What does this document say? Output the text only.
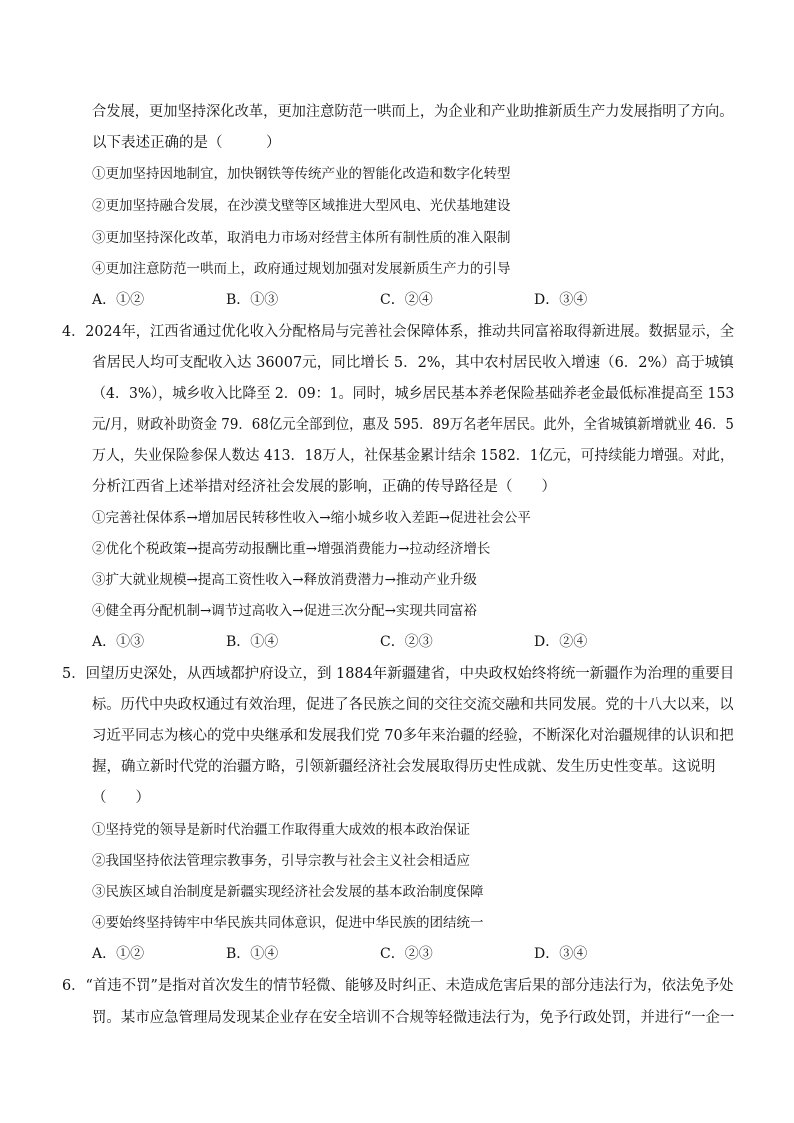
合发展，更加坚持深化改革，更加注意防范一哄而上，为企业和产业助推新质生产力发展指明了方向。
以下表述正确的是（　　　）
①更加坚持因地制宜，加快钢铁等传统产业的智能化改造和数字化转型
②更加坚持融合发展，在沙漠戈壁等区域推进大型风电、光伏基地建设
③更加坚持深化改革，取消电力市场对经营主体所有制性质的准入限制
④更加注意防范一哄而上，政府通过规划加强对发展新质生产力的引导
A．①②	B．①③	C．②④	D．③④
4．2024年，江西省通过优化收入分配格局与完善社会保障体系，推动共同富裕取得新进展。数据显示，全
省居民人均可支配收入达 36007元，同比增长 5．2%，其中农村居民收入增速（6．2%）高于城镇
（4．3%），城乡收入比降至 2．09：1。同时，城乡居民基本养老保险基础养老金最低标准提高至 153
元/月，财政补助资金 79．68亿元全部到位，惠及 595．89万名老年居民。此外，全省城镇新增就业 46．5
万人，失业保险参保人数达 413．18万人，社保基金累计结余 1582．1亿元，可持续能力增强。对此，
分析江西省上述举措对经济社会发展的影响，正确的传导路径是（　　）
①完善社保体系→增加居民转移性收入→缩小城乡收入差距→促进社会公平
②优化个税政策→提高劳动报酬比重→增强消费能力→拉动经济增长
③扩大就业规模→提高工资性收入→释放消费潜力→推动产业升级
④健全再分配机制→调节过高收入→促进三次分配→实现共同富裕
A．①③	B．①④	C．②③	D．②④
5．回望历史深处，从西域都护府设立，到 1884年新疆建省，中央政权始终将统一新疆作为治理的重要目
标。历代中央政权通过有效治理，促进了各民族之间的交往交流交融和共同发展。党的十八大以来，以
习近平同志为核心的党中央继承和发展我们党 70多年来治疆的经验，不断深化对治疆规律的认识和把
握，确立新时代党的治疆方略，引领新疆经济社会发展取得历史性成就、发生历史性变革。这说明
（　　）
①坚持党的领导是新时代治疆工作取得重大成效的根本政治保证
②我国坚持依法管理宗教事务，引导宗教与社会主义社会相适应
③民族区域自治制度是新疆实现经济社会发展的基本政治制度保障
④要始终坚持铸牢中华民族共同体意识，促进中华民族的团结统一
A．①②	B．①④	C．②③	D．③④
6．“首违不罚”是指对首次发生的情节轻微、能够及时纠正、未造成危害后果的部分违法行为，依法免予处
罚。某市应急管理局发现某企业存在安全培训不合规等轻微违法行为，免予行政处罚，并进行“一企一
